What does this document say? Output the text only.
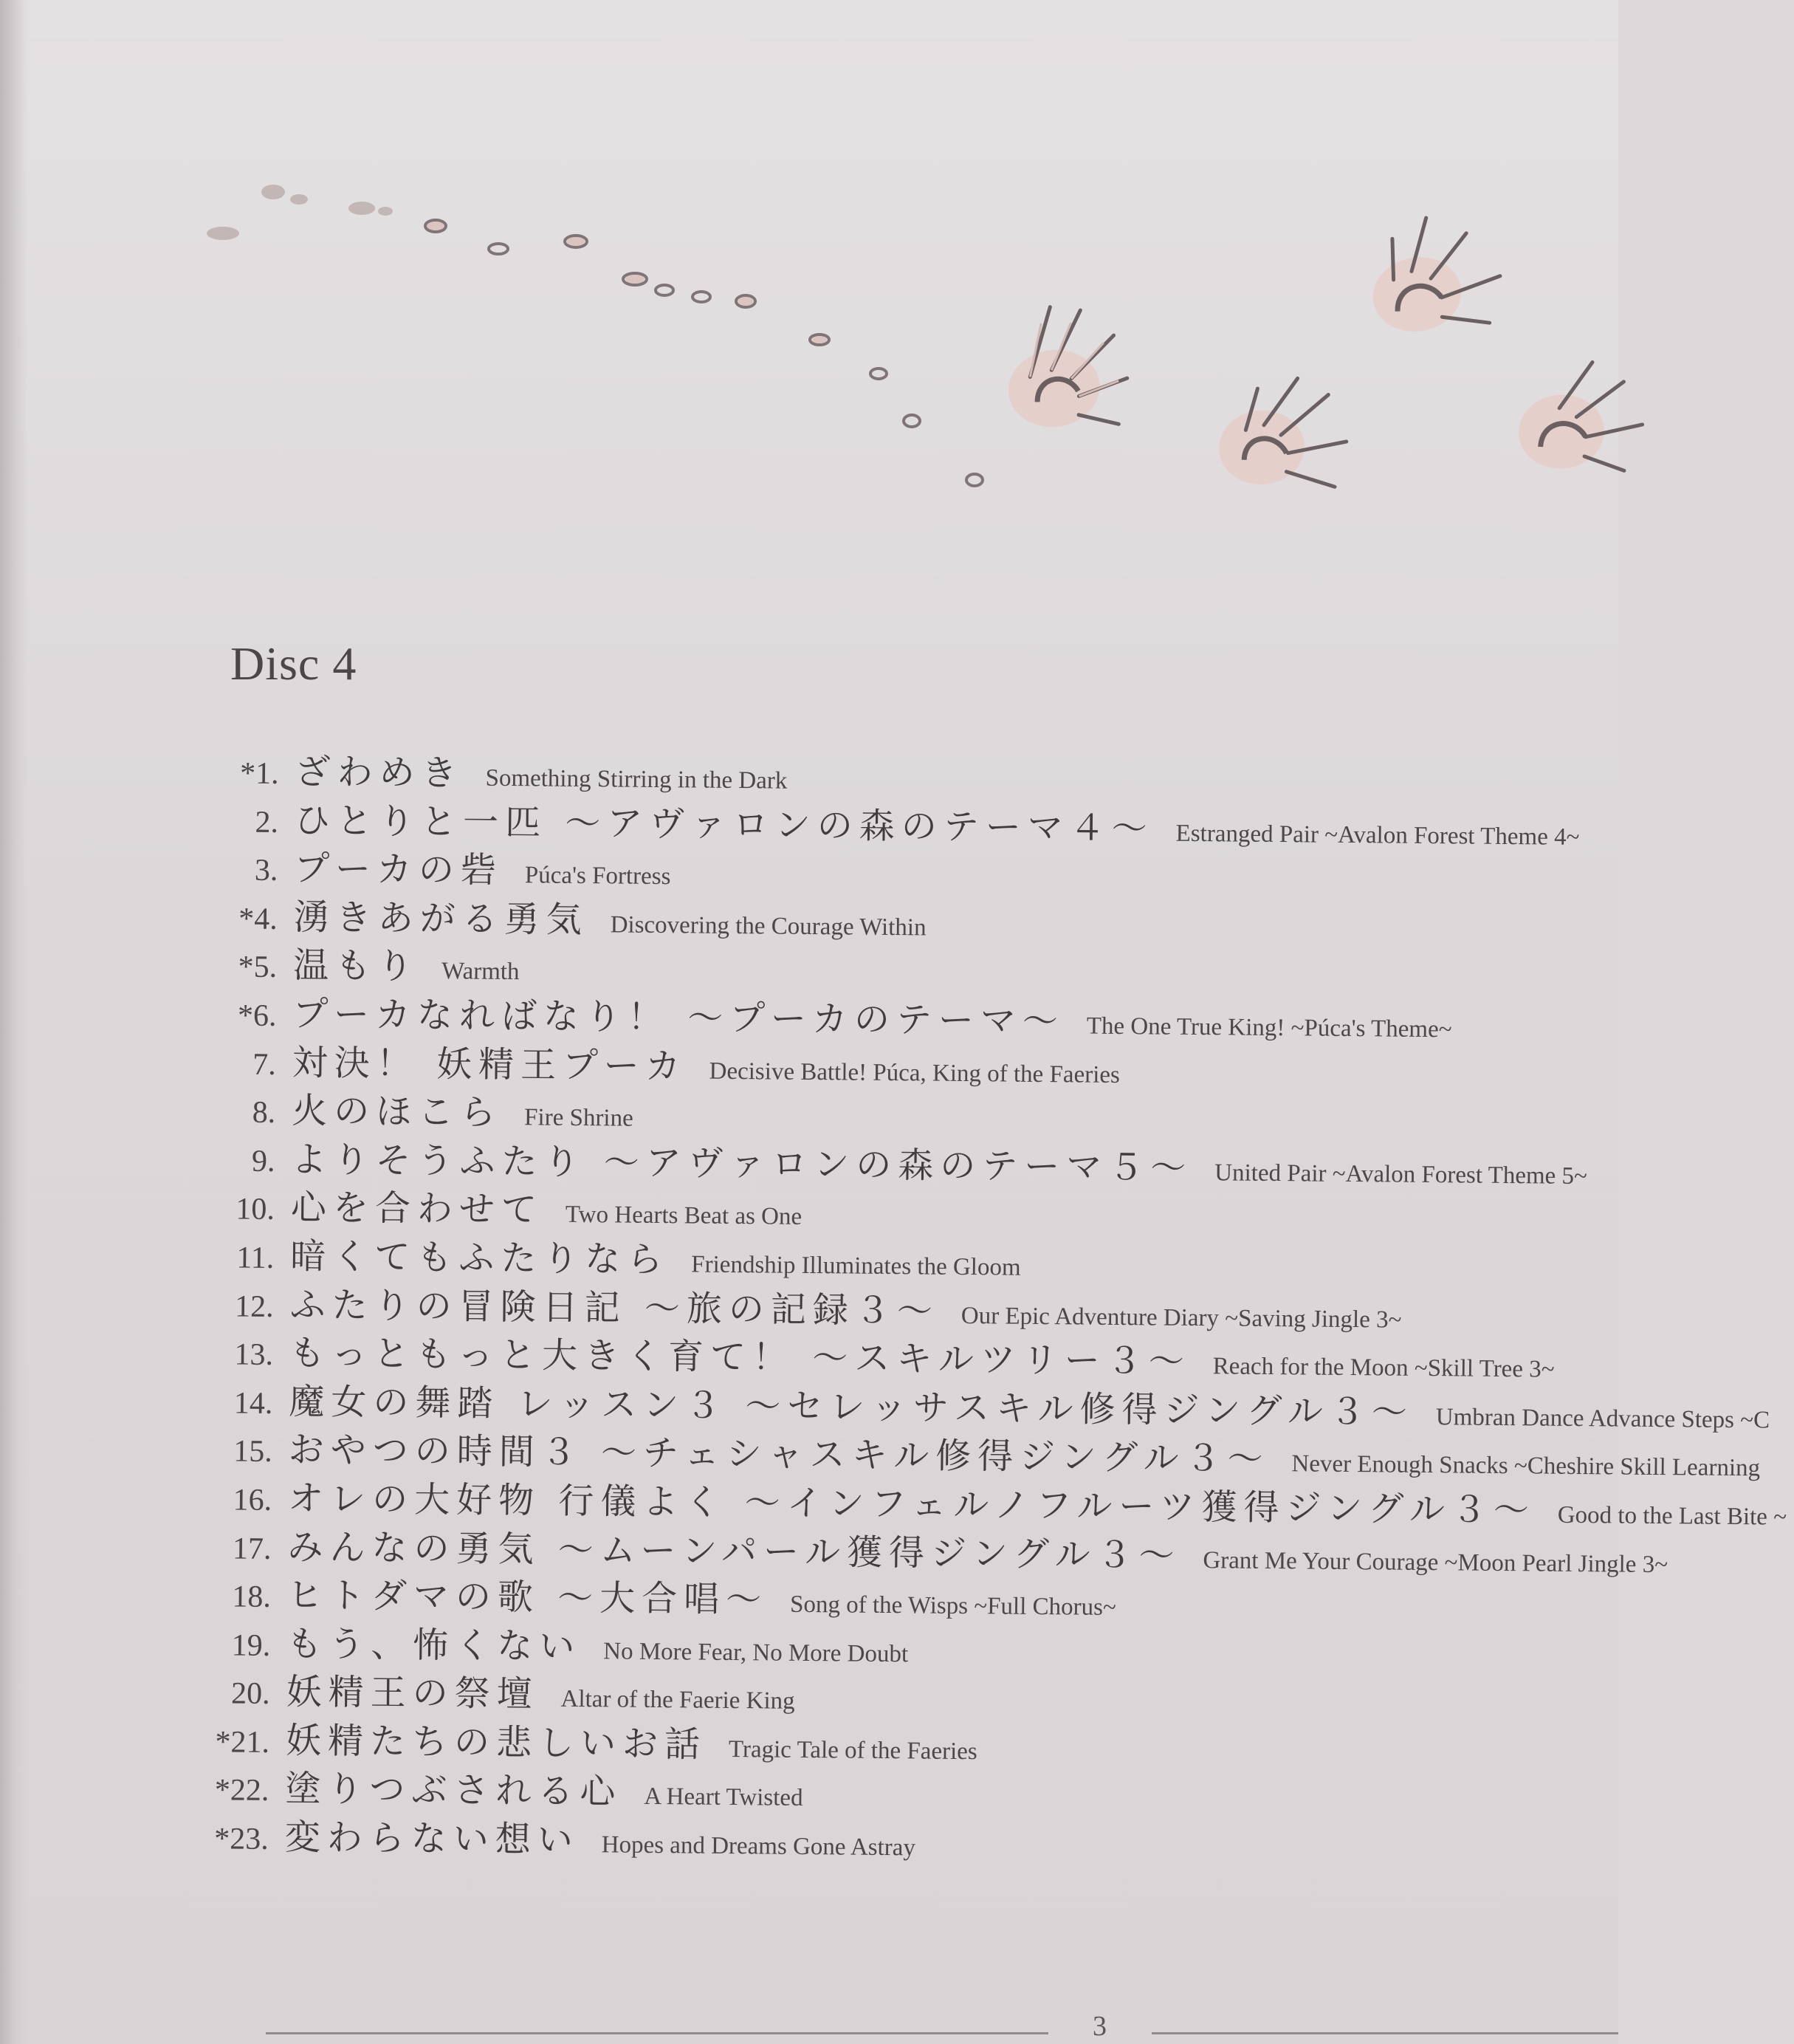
Disc 4
*1. ざわめき Something Stirring in the Dark
2. ひとりと一匹 〜アヴァロンの森のテーマ４〜 Estranged Pair ~Avalon Forest Theme 4~
3. プーカの砦 Púca's Fortress
*4. 湧きあがる勇気 Discovering the Courage Within
*5. 温もり Warmth
*6. プーカなればなり！ 〜プーカのテーマ〜 The One True King! ~Púca's Theme~
7. 対決！ 妖精王プーカ Decisive Battle! Púca, King of the Faeries
8. 火のほこら Fire Shrine
9. よりそうふたり 〜アヴァロンの森のテーマ５〜 United Pair ~Avalon Forest Theme 5~
10. 心を合わせて Two Hearts Beat as One
11. 暗くてもふたりなら Friendship Illuminates the Gloom
12. ふたりの冒険日記 〜旅の記録３〜 Our Epic Adventure Diary ~Saving Jingle 3~
13. もっともっと大きく育て！ 〜スキルツリー３〜 Reach for the Moon ~Skill Tree 3~
14. 魔女の舞踏 レッスン３ 〜セレッサスキル修得ジングル３〜 Umbran Dance Advance Steps ~C
15. おやつの時間３ 〜チェシャスキル修得ジングル３〜 Never Enough Snacks ~Cheshire Skill Learning
16. オレの大好物 行儀よく 〜インフェルノフルーツ獲得ジングル３〜 Good to the Last Bite ~
17. みんなの勇気 〜ムーンパール獲得ジングル３〜 Grant Me Your Courage ~Moon Pearl Jingle 3~
18. ヒトダマの歌 〜大合唱〜 Song of the Wisps ~Full Chorus~
19. もう、怖くない No More Fear, No More Doubt
20. 妖精王の祭壇 Altar of the Faerie King
*21. 妖精たちの悲しいお話 Tragic Tale of the Faeries
*22. 塗りつぶされる心 A Heart Twisted
*23. 変わらない想い Hopes and Dreams Gone Astray
3
